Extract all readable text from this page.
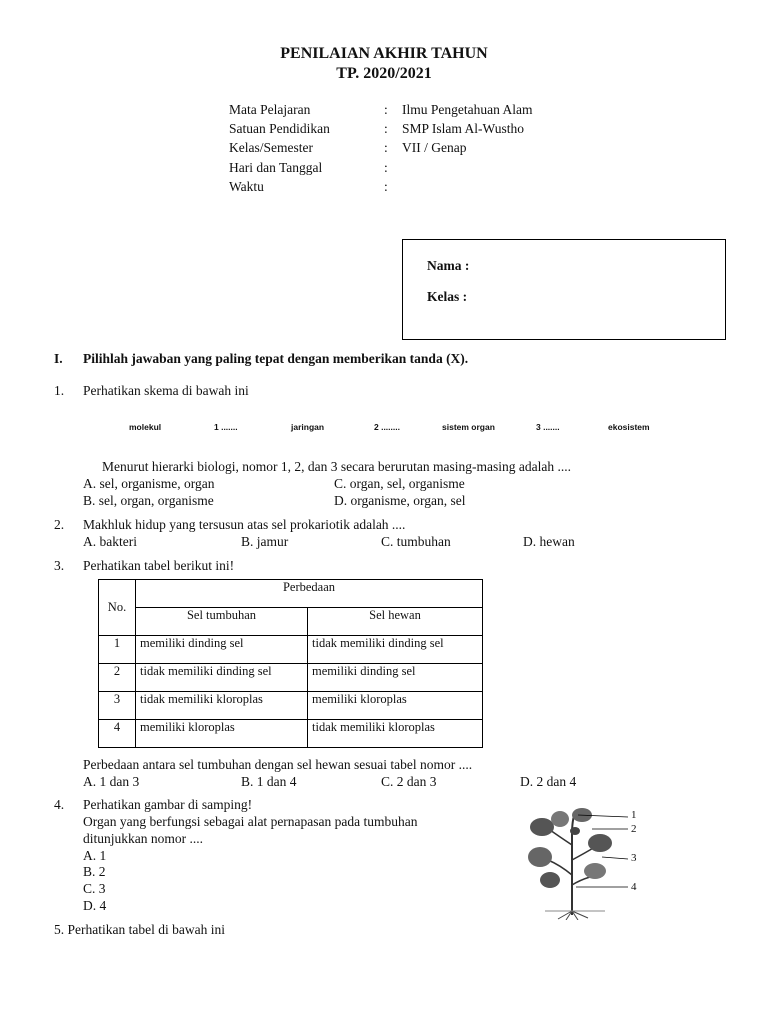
PENILAIAN AKHIR TAHUN
TP. 2020/2021
Mata Pelajaran	: Ilmu Pengetahuan Alam
Satuan Pendidikan	: SMP Islam Al-Wustho
Kelas/Semester	: VII / Genap
Hari dan Tanggal	:
Waktu	:
Nama :
Kelas :
I. Pilihlah jawaban yang paling tepat dengan memberikan tanda (X).
1. Perhatikan skema di bawah ini
molekul	1 .......	jaringan	2 ........	sistem organ	3 .......	ekosistem
Menurut hierarki biologi, nomor 1, 2, dan 3 secara berurutan masing-masing adalah ....
A. sel, organisme, organ	C. organ, sel, organisme
B. sel, organ, organisme	D. organisme, organ, sel
2. Makhluk hidup yang tersusun atas sel prokariotik adalah ....
A. bakteri	B. jamur	C. tumbuhan	D. hewan
3. Perhatikan tabel berikut ini!
No.	Perbedaan	
	Sel tumbuhan	Sel hewan
1	memiliki dinding sel	tidak memiliki dinding sel
2	tidak memiliki dinding sel	memiliki dinding sel
3	tidak memiliki kloroplas	memiliki kloroplas
4	memiliki kloroplas	tidak memiliki kloroplas
Perbedaan antara sel tumbuhan dengan sel hewan sesuai tabel nomor ....
A. 1 dan 3	B. 1 dan 4	C. 2 dan 3	D. 2 dan 4
4. Perhatikan gambar di samping!
Organ yang berfungsi sebagai alat pernapasan pada tumbuhan
ditunjukkan nomor ....
A. 1
B. 2
C. 3
D. 4
1
2
3
4
5. Perhatikan tabel di bawah ini
